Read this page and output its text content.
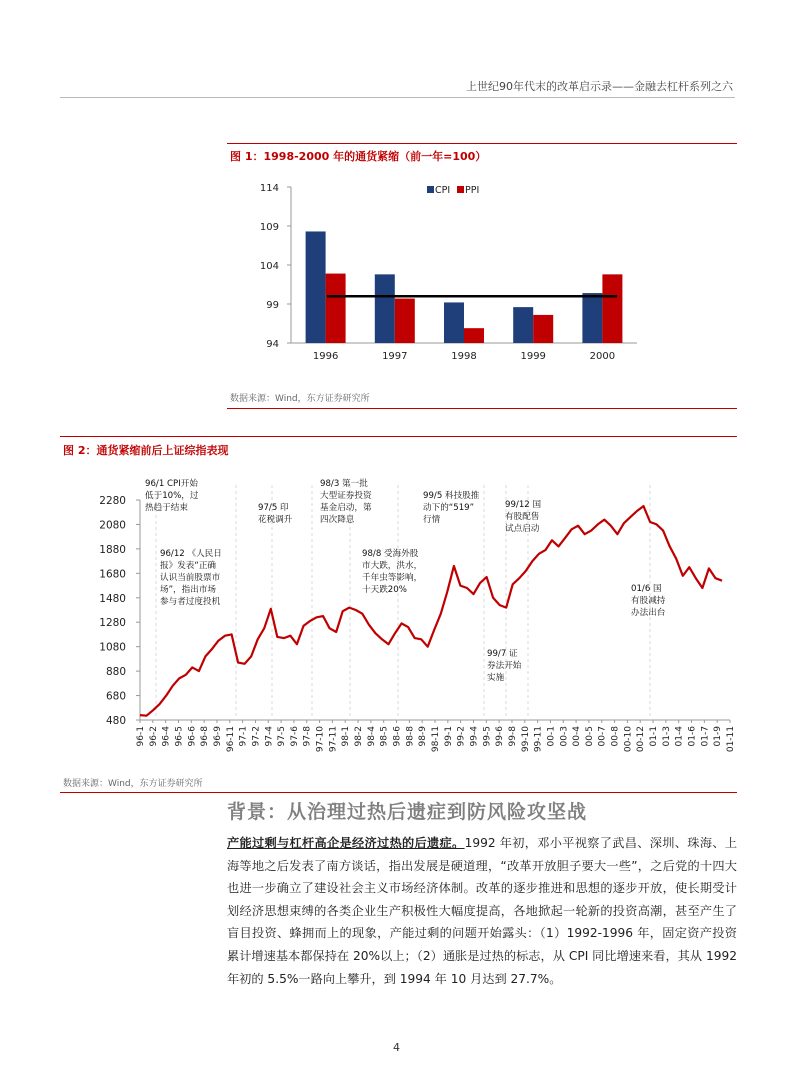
上世纪90年代末的改革启示录——金融去杠杆系列之六
图 1：1998-2000 年的通货紧缩（前一年=100）
114
109
104
99
94
1996	1997	1998	1999	2000
CPI PPI
数据来源：Wind，东方证券研究所
图 2：通货紧缩前后上证综指表现
2280
2080
1880
1680
1480
1280
1080
880
680
480
96-1 96-2 96-4 96-5 96-6 96-8 96-9 96-11 97-1 97-2 97-4 97-5 97-6 97-8 97-10 97-11 98-1 98-2 98-4 98-5 98-6 98-8 98-9 98-11 99-1 99-2 99-4 99-5 99-6 99-8 99-10 99-11 00-1 00-3 00-4 00-5 00-7 00-8 00-10 00-12 01-1 01-3 01-4 01-6 01-7 01-9 01-11
96/1 CPI开始
低于10%，过
热趋于结束
96/12 《人民日
报》发表“正确
认识当前股票市
场”，指出市场
参与者过度投机
97/5 印
花税调升
98/3 第一批
大型证券投资
基金启动，第
四次降息
98/8 受海外股
市大跌，洪水，
千年虫等影响，
十天跌20%
99/5 科技股推
动下的“519”
行情
99/7 证
券法开始
实施
99/12 国
有股配售
试点启动
01/6 国
有股减持
办法出台
数据来源：Wind，东方证券研究所
背景：从治理过热后遗症到防风险攻坚战
产能过剩与杠杆高企是经济过热的后遗症。1992 年初，邓小平视察了武昌、深圳、珠海、上海等地之后发表了南方谈话，指出发展是硬道理，“改革开放胆子要大一些”，之后党的十四大也进一步确立了建设社会主义市场经济体制。改革的逐步推进和思想的逐步开放，使长期受计划经济思想束缚的各类企业生产积极性大幅度提高，各地掀起一轮新的投资高潮，甚至产生了盲目投资、蜂拥而上的现象，产能过剩的问题开始露头：（1）1992-1996 年，固定资产投资累计增速基本都保持在 20%以上；（2）通胀是过热的标志，从 CPI 同比增速来看，其从 1992 年初的 5.5%一路向上攀升，到 1994 年 10 月达到 27.7%。
4
